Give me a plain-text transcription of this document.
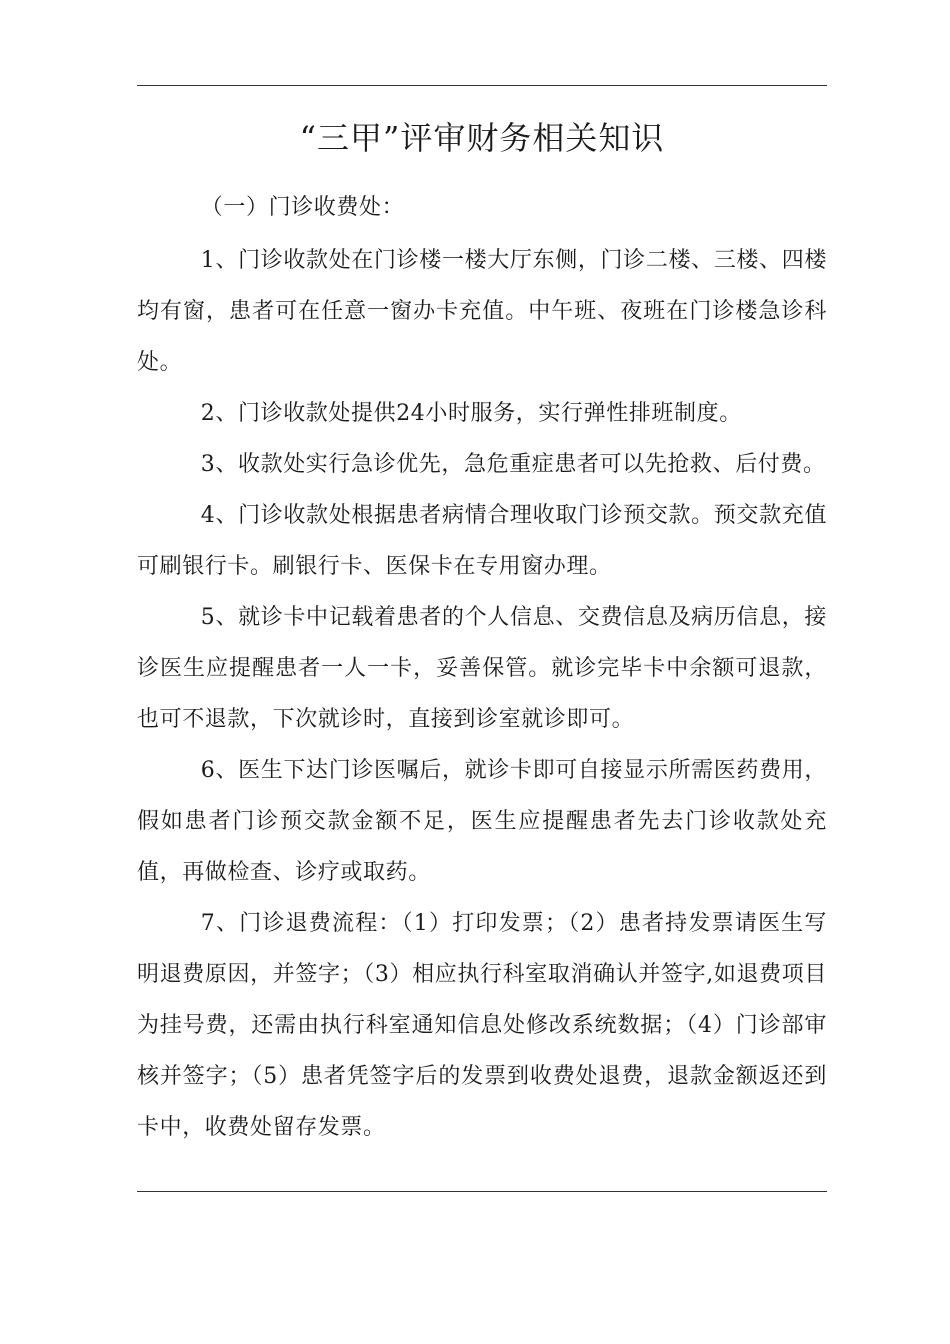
“三甲”评审财务相关知识

（一）门诊收费处：

1、门诊收款处在门诊楼一楼大厅东侧，门诊二楼、三楼、四楼均有窗，患者可在任意一窗办卡充值。中午班、夜班在门诊楼急诊科处。

2、门诊收款处提供24小时服务，实行弹性排班制度。

3、收款处实行急诊优先，急危重症患者可以先抢救、后付费。

4、门诊收款处根据患者病情合理收取门诊预交款。预交款充值可刷银行卡。刷银行卡、医保卡在专用窗办理。

5、就诊卡中记载着患者的个人信息、交费信息及病历信息，接诊医生应提醒患者一人一卡，妥善保管。就诊完毕卡中余额可退款，也可不退款，下次就诊时，直接到诊室就诊即可。

6、医生下达门诊医嘱后，就诊卡即可自接显示所需医药费用，假如患者门诊预交款金额不足，医生应提醒患者先去门诊收款处充值，再做检查、诊疗或取药。

7、门诊退费流程：（1）打印发票；（2）患者持发票请医生写明退费原因，并签字；（3）相应执行科室取消确认并签字,如退费项目为挂号费，还需由执行科室通知信息处修改系统数据；（4）门诊部审核并签字；（5）患者凭签字后的发票到收费处退费，退款金额返还到卡中，收费处留存发票。
